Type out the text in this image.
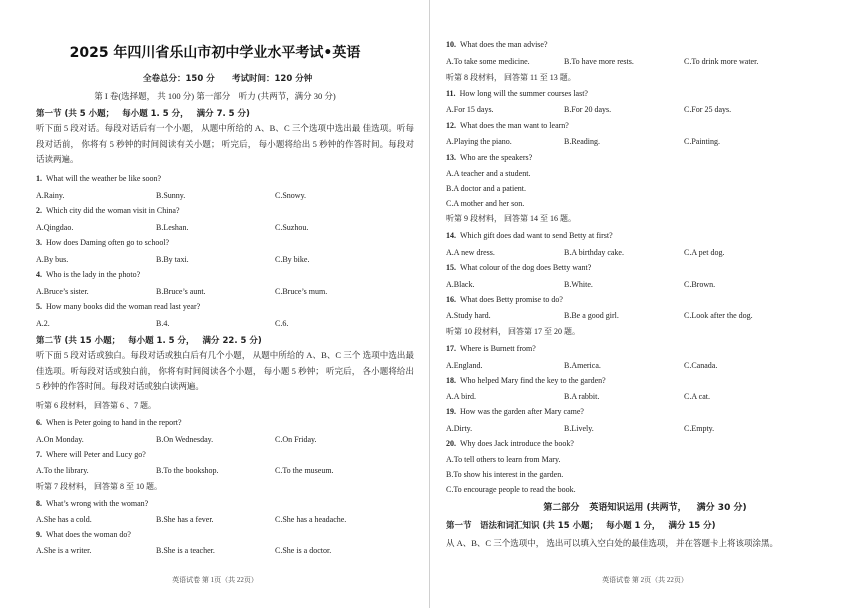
2025 年四川省乐山市初中学业水平考试•英语
全卷总分：150 分 考试时间：120 分钟
第 I 卷(选择题， 共 100 分) 第一部分　听力 (共两节，满分 30 分)
第一节 (共 5 小题； 每小题 1. 5 分， 满分 7. 5 分)
听下面 5 段对话。每段对话后有一个小题， 从题中所给的 A、B、C 三个选项中选出最 佳选项。听每段对话前， 你将有 5 秒钟的时间阅读有关小题； 听完后， 每小题将给出 5 秒钟的作答时间。每段对话读两遍。
1. What will the weather be like soon?
A.Rainy.	B.Sunny.	C.Snowy.
2. Which city did the woman visit in China?
A.Qingdao.	B.Leshan.	C.Suzhou.
3. How does Daming often go to school?
A.By bus.	B.By taxi.	C.By bike.
4. Who is the lady in the photo?
A.Bruce’s sister.	B.Bruce’s aunt.	C.Bruce’s mum.
5. How many books did the woman read last year?
A.2.	B.4.	C.6.
第二节 (共 15 小题； 每小题 1. 5 分， 满分 22. 5 分)
听下面 5 段对话或独白。每段对话或独白后有几个小题， 从题中所给的 A、B、C 三个 选项中选出最佳选项。听每段对话或独白前， 你将有时间阅读各个小题， 每小题 5 秒钟； 听完后， 各小题将给出 5 秒钟的作答时间。每段对话或独白读两遍。
听第 6 段材料， 回答第 6 、7 题。
6. When is Peter going to hand in the report?
A.On Monday.	B.On Wednesday.	C.On Friday.
7. Where will Peter and Lucy go?
A.To the library.	B.To the bookshop.	C.To the museum.
听第 7 段材料， 回答第 8 至 10 题。
8. What’s wrong with the woman?
A.She has a cold.	B.She has a fever.	C.She has a headache.
9. What does the woman do?
A.She is a writer.	B.She is a teacher.	C.She is a doctor.
英语试卷 第 1页（共 22页）
10. What does the man advise?
A.To take some medicine.	B.To have more rests.	C.To drink more water.
听第 8 段材料， 回答第 11 至 13 题。
11. How long will the summer courses last?
A.For 15 days.	B.For 20 days.	C.For 25 days.
12. What does the man want to learn?
A.Playing the piano.	B.Reading.	C.Painting.
13. Who are the speakers?
A.A teacher and a student.
B.A doctor and a patient.
C.A mother and her son.
听第 9 段材料， 回答第 14 至 16 题。
14. Which gift does dad want to send Betty at first?
A.A new dress.	B.A birthday cake.	C.A pet dog.
15. What colour of the dog does Betty want?
A.Black.	B.White.	C.Brown.
16. What does Betty promise to do?
A.Study hard.	B.Be a good girl.	C.Look after the dog.
听第 10 段材料， 回答第 17 至 20 题。
17. Where is Burnett from?
A.England.	B.America.	C.Canada.
18. Who helped Mary find the key to the garden?
A.A bird.	B.A rabbit.	C.A cat.
19. How was the garden after Mary came?
A.Dirty.	B.Lively.	C.Empty.
20. Why does Jack introduce the book?
A.To tell others to learn from Mary.
B.To show his interest in the garden.
C.To encourage people to read the book.
第二部分 英语知识运用 (共两节， 满分 30 分)
第一节　语法和词汇知识 (共 15 小题； 每小题 1 分， 满分 15 分)
从 A、B、C 三个选项中， 选出可以填入空白处的最佳选项， 并在答题卡上将该项涂黑。
英语试卷 第 2页（共 22页）
